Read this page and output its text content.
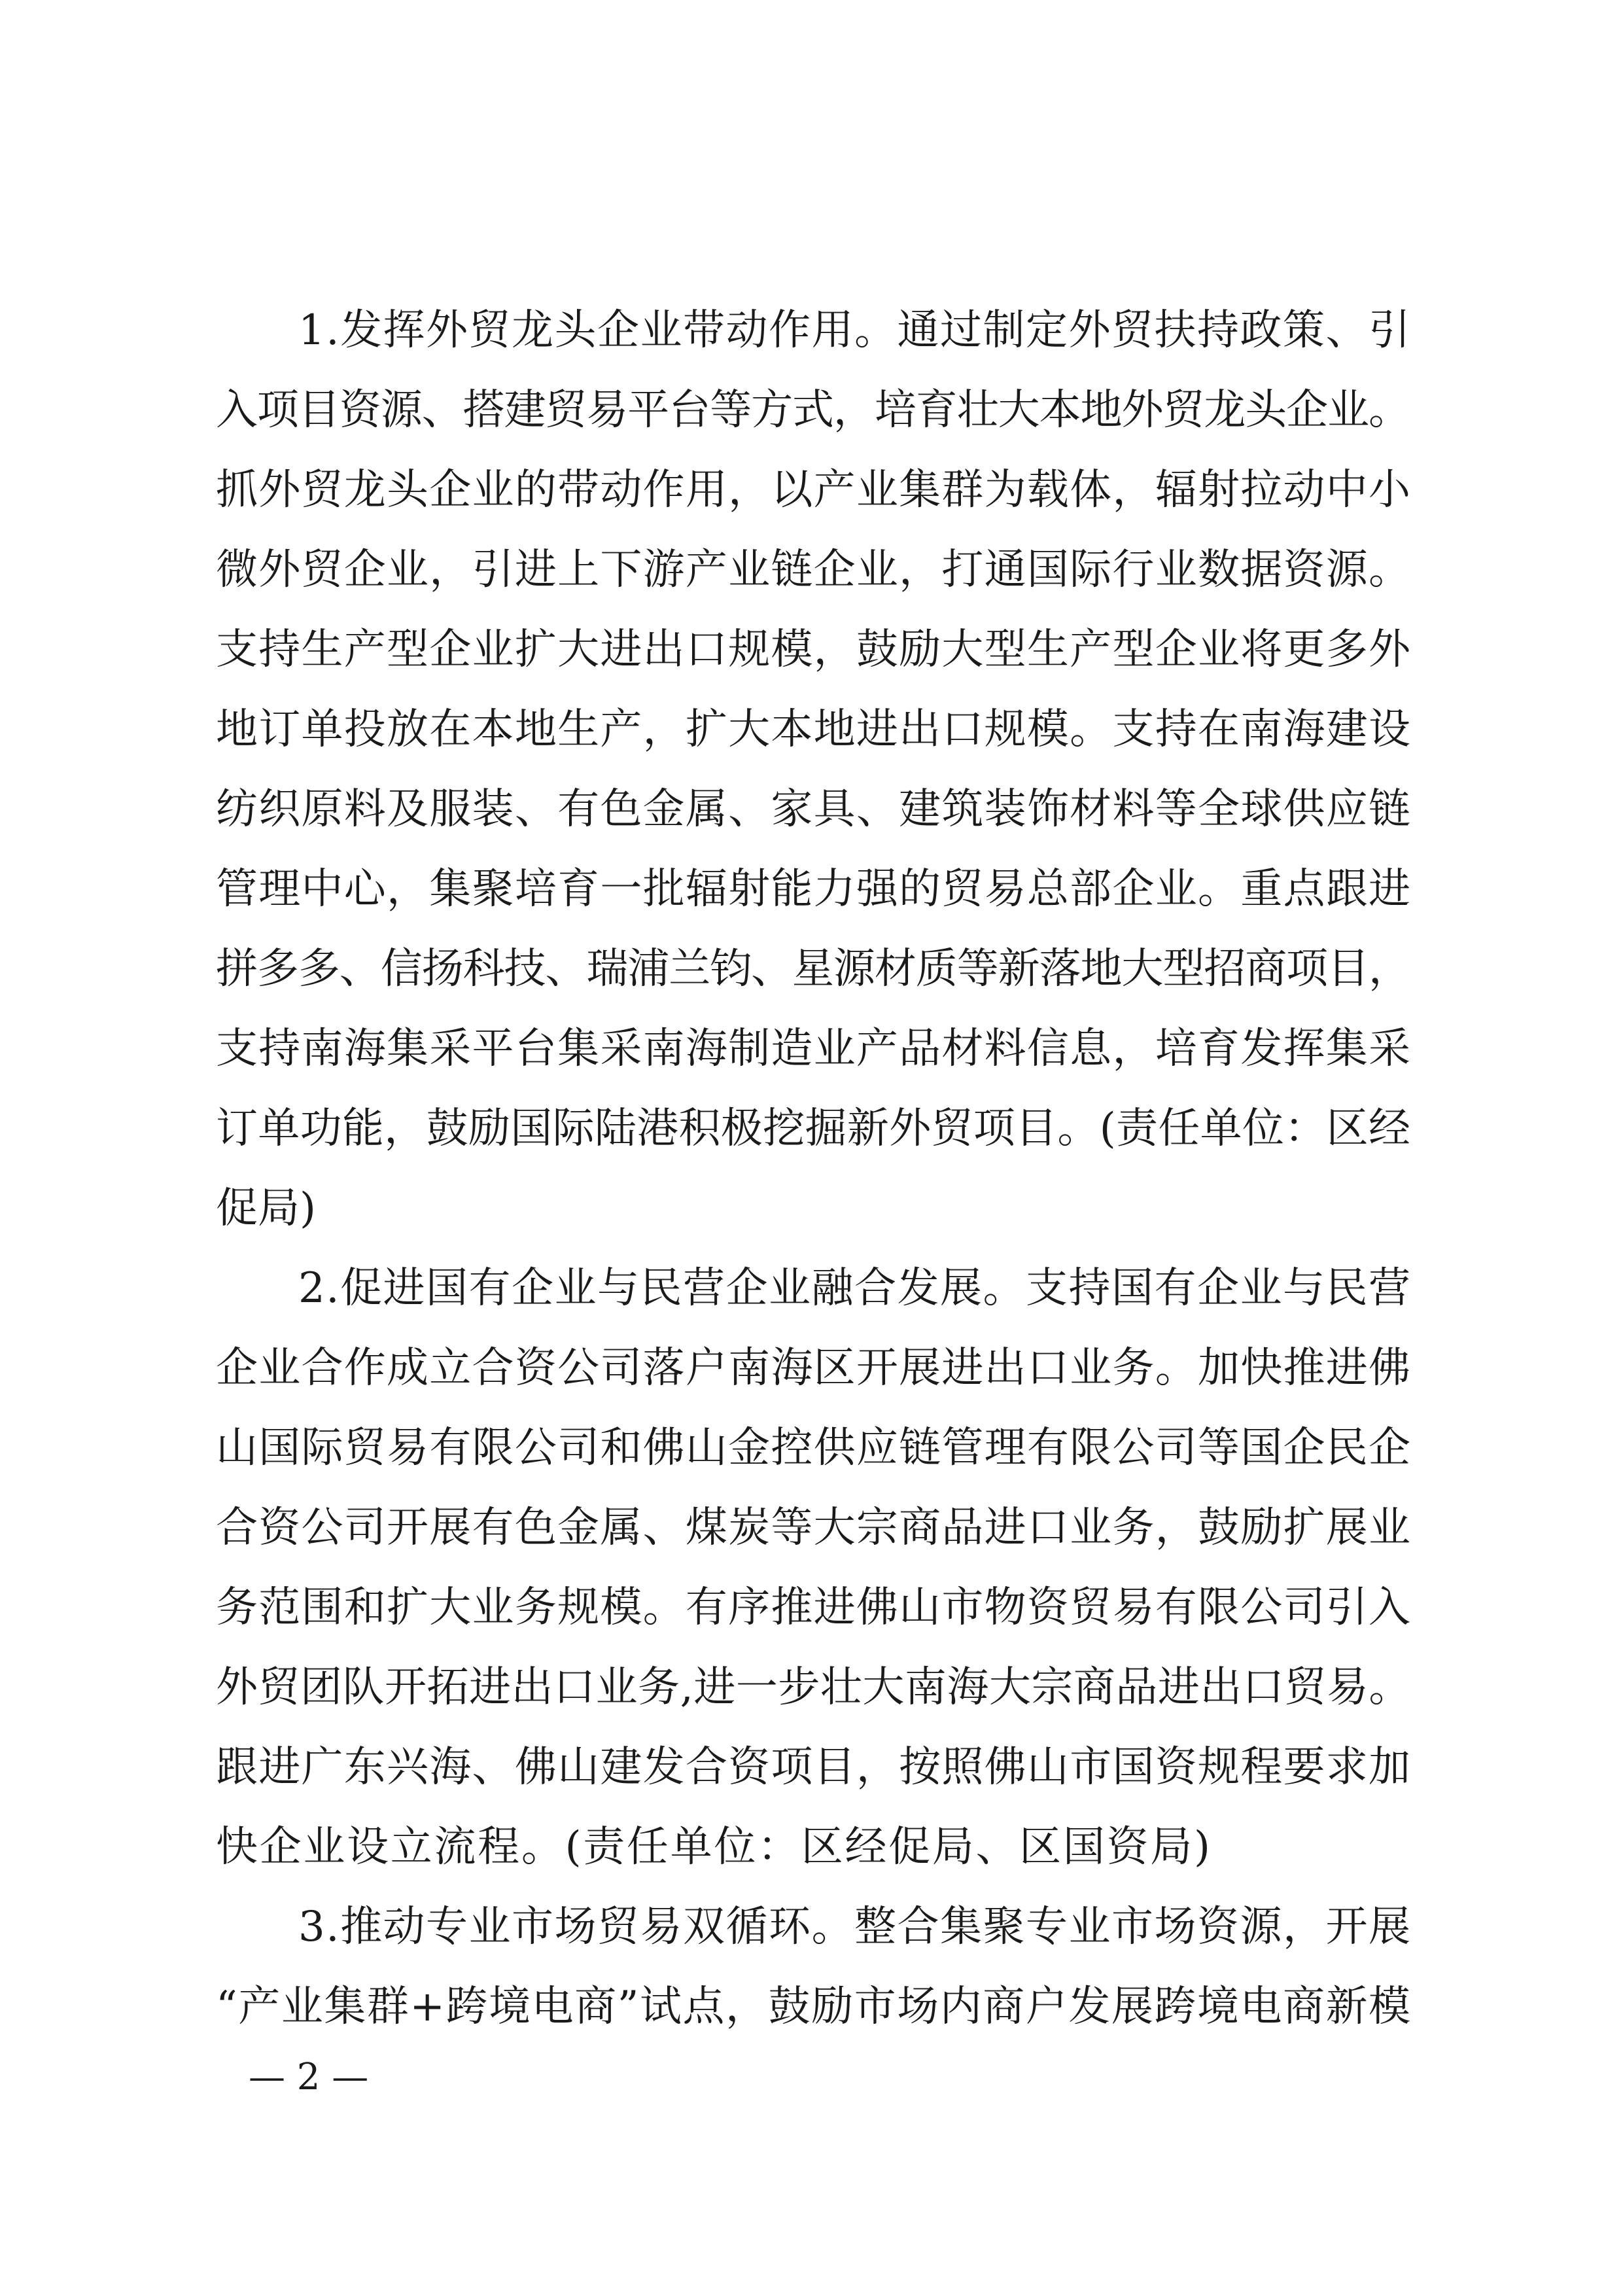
1.发挥外贸龙头企业带动作用。通过制定外贸扶持政策、引
入项目资源、搭建贸易平台等方式，培育壮大本地外贸龙头企业。
抓外贸龙头企业的带动作用，以产业集群为载体，辐射拉动中小
微外贸企业，引进上下游产业链企业，打通国际行业数据资源。
支持生产型企业扩大进出口规模，鼓励大型生产型企业将更多外
地订单投放在本地生产，扩大本地进出口规模。支持在南海建设
纺织原料及服装、有色金属、家具、建筑装饰材料等全球供应链
管理中心，集聚培育一批辐射能力强的贸易总部企业。重点跟进
拼多多、信扬科技、瑞浦兰钧、星源材质等新落地大型招商项目，
支持南海集采平台集采南海制造业产品材料信息，培育发挥集采
订单功能，鼓励国际陆港积极挖掘新外贸项目。(责任单位：区经
促局)
2.促进国有企业与民营企业融合发展。支持国有企业与民营
企业合作成立合资公司落户南海区开展进出口业务。加快推进佛
山国际贸易有限公司和佛山金控供应链管理有限公司等国企民企
合资公司开展有色金属、煤炭等大宗商品进口业务，鼓励扩展业
务范围和扩大业务规模。有序推进佛山市物资贸易有限公司引入
外贸团队开拓进出口业务,进一步壮大南海大宗商品进出口贸易。
跟进广东兴海、佛山建发合资项目，按照佛山市国资规程要求加
快企业设立流程。(责任单位：区经促局、区国资局)
3.推动专业市场贸易双循环。整合集聚专业市场资源，开展
“产业集群+跨境电商”试点，鼓励市场内商户发展跨境电商新模
— 2 —
